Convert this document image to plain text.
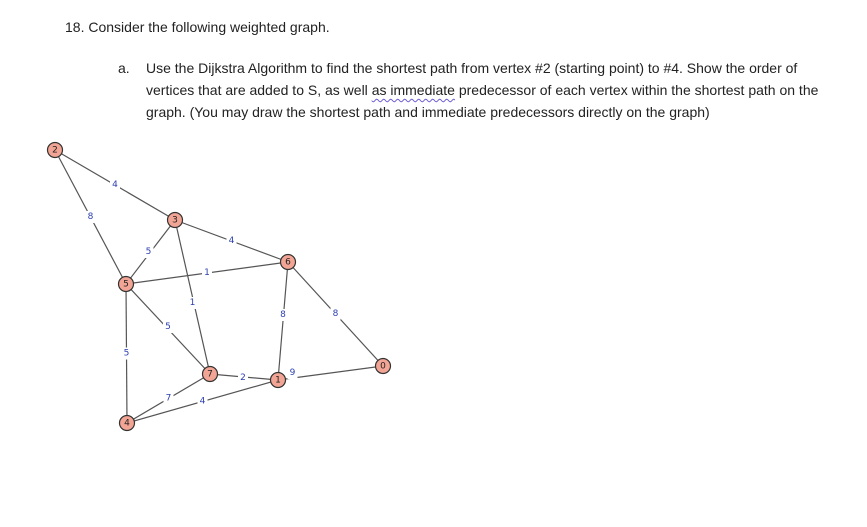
18. Consider the following weighted graph.
a. Use the Dijkstra Algorithm to find the shortest path from vertex #2 (starting point) to #4. Show the order of vertices that are added to S, as well as immediate predecessor of each vertex within the shortest path on the graph. (You may draw the shortest path and immediate predecessors directly on the graph)
4
8
5
4
1
1
5
5
8	8
2
7
9
4
2
3
5
6
7
1
0
4
